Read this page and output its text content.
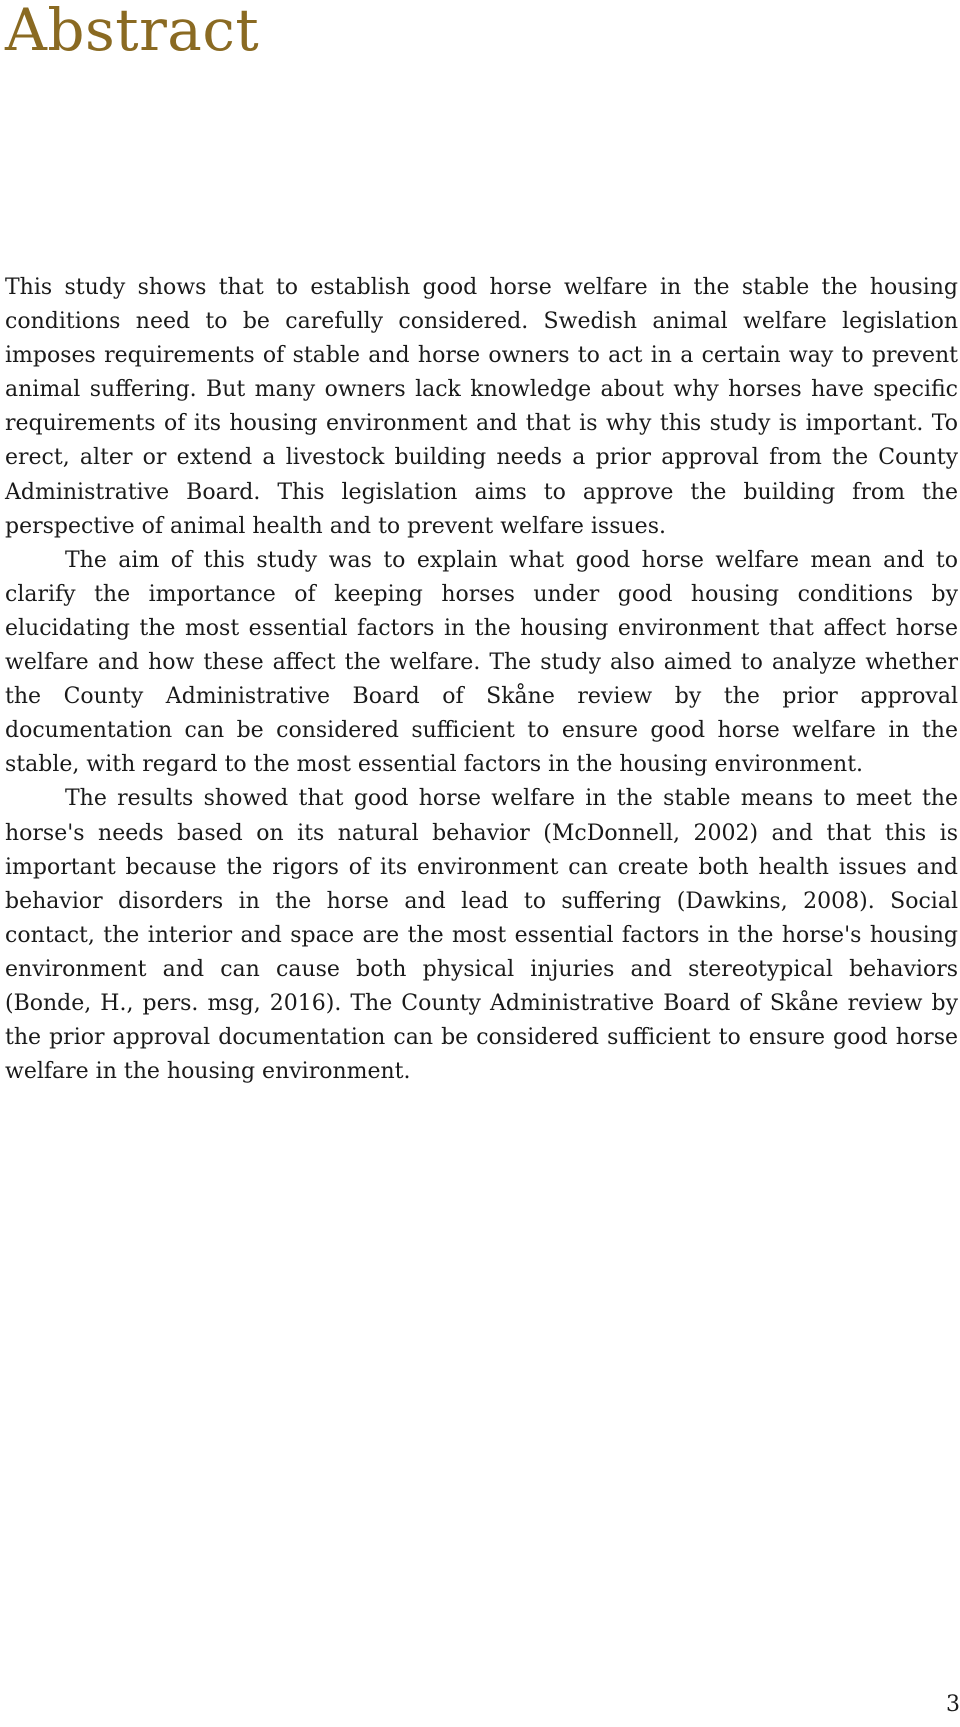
Abstract

This study shows that to establish good horse welfare in the stable the housing conditions need to be carefully considered. Swedish animal welfare legislation imposes requirements of stable and horse owners to act in a certain way to prevent animal suffering. But many owners lack knowledge about why horses have specific requirements of its housing environment and that is why this study is important. To erect, alter or extend a livestock building needs a prior approval from the County Administrative Board. This legislation aims to approve the building from the perspective of animal health and to prevent welfare issues.

The aim of this study was to explain what good horse welfare mean and to clarify the importance of keeping horses under good housing conditions by elucidating the most essential factors in the housing environment that affect horse welfare and how these affect the welfare. The study also aimed to analyze whether the County Administrative Board of Skåne review by the prior approval documentation can be considered sufficient to ensure good horse welfare in the stable, with regard to the most essential factors in the housing environment.

The results showed that good horse welfare in the stable means to meet the horse's needs based on its natural behavior (McDonnell, 2002) and that this is important because the rigors of its environment can create both health issues and behavior disorders in the horse and lead to suffering (Dawkins, 2008). Social contact, the interior and space are the most essential factors in the horse's housing environment and can cause both physical injuries and stereotypical behaviors (Bonde, H., pers. msg, 2016). The County Administrative Board of Skåne review by the prior approval documentation can be considered sufficient to ensure good horse welfare in the housing environment.

3
